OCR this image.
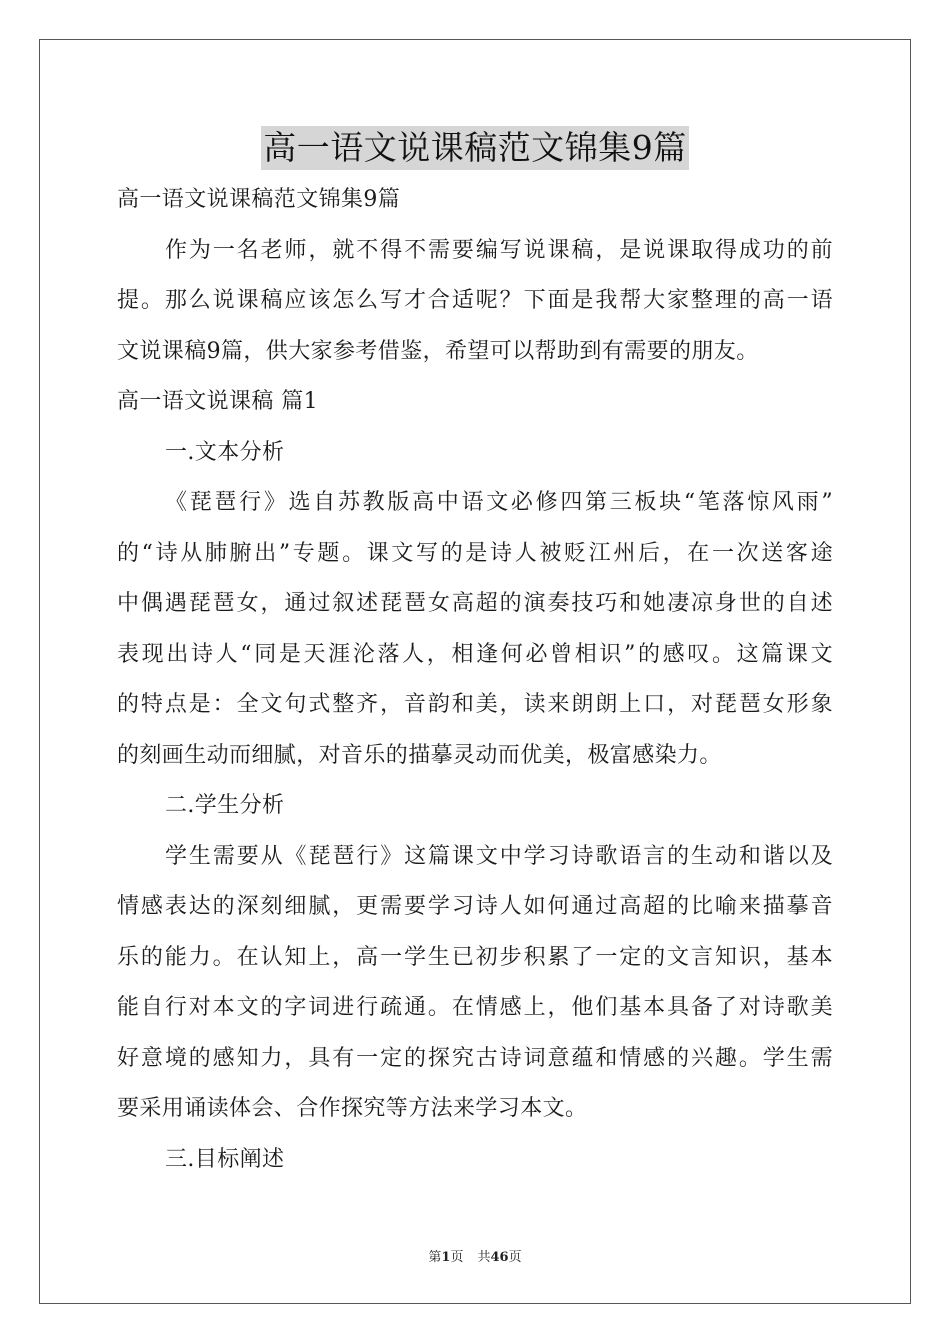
高一语文说课稿范文锦集9篇
高一语文说课稿范文锦集9篇
作为一名老师，就不得不需要编写说课稿，是说课取得成功的前
提。那么说课稿应该怎么写才合适呢？下面是我帮大家整理的高一语
文说课稿9篇，供大家参考借鉴，希望可以帮助到有需要的朋友。
高一语文说课稿 篇1
一.文本分析
《琵琶行》选自苏教版高中语文必修四第三板块“笔落惊风雨”
的“诗从肺腑出”专题。课文写的是诗人被贬江州后，在一次送客途
中偶遇琵琶女，通过叙述琵琶女高超的演奏技巧和她凄凉身世的自述
表现出诗人“同是天涯沦落人，相逢何必曾相识”的感叹。这篇课文
的特点是：全文句式整齐，音韵和美，读来朗朗上口，对琵琶女形象
的刻画生动而细腻，对音乐的描摹灵动而优美，极富感染力。
二.学生分析
学生需要从《琵琶行》这篇课文中学习诗歌语言的生动和谐以及
情感表达的深刻细腻，更需要学习诗人如何通过高超的比喻来描摹音
乐的能力。在认知上，高一学生已初步积累了一定的文言知识，基本
能自行对本文的字词进行疏通。在情感上，他们基本具备了对诗歌美
好意境的感知力，具有一定的探究古诗词意蕴和情感的兴趣。学生需
要采用诵读体会、合作探究等方法来学习本文。
三.目标阐述
第1页 共46页
